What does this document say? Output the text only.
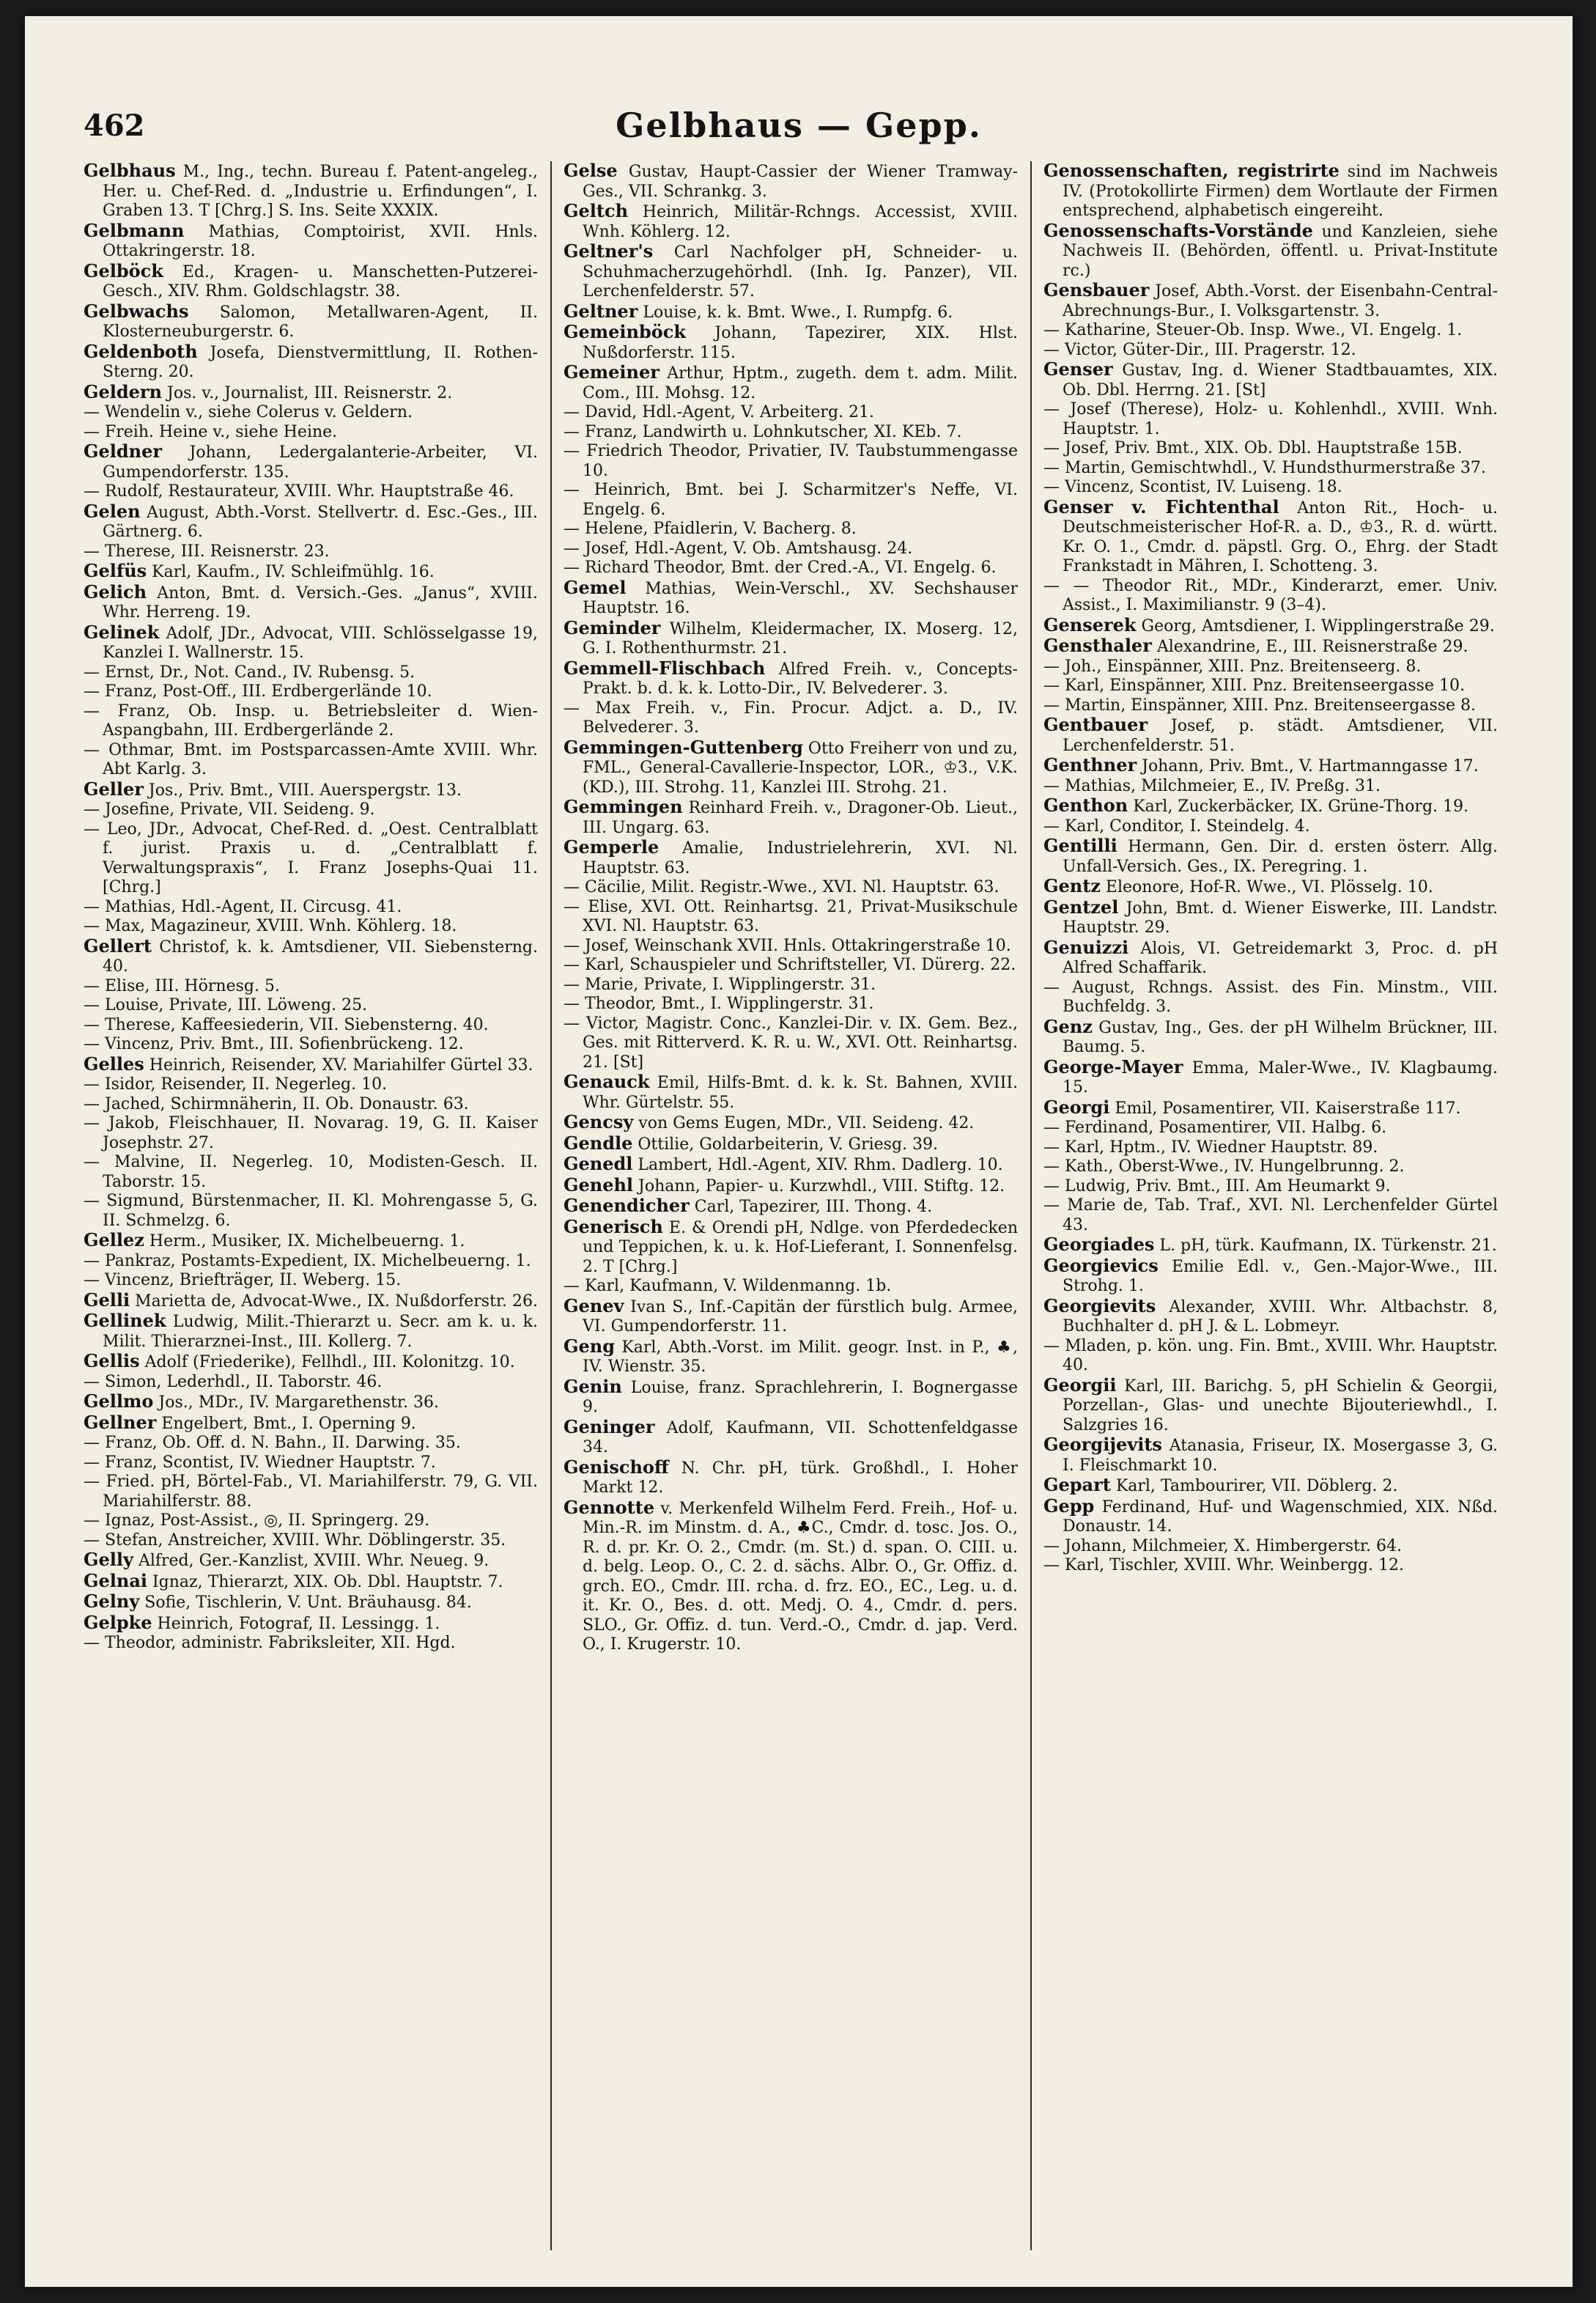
462	Gelbhaus — Gepp.

Gelbhaus M., Ing., techn. Bureau f. Patent-angeleg., Her. u. Chef-Red. d. „Industrie u. Erfindungen“, I. Graben 13. T [Chrg.] S. Ins. Seite XXXIX.

Gelbmann Mathias, Comptoirist, XVII. Hnls. Ottakringerstr. 18.

Gelböck Ed., Kragen- u. Manschetten-Putzerei-Gesch., XIV. Rhm. Goldschlagstr. 38.

Gelbwachs Salomon, Metallwaren-Agent, II. Klosterneuburgerstr. 6.

Geldenboth Josefa, Dienstvermittlung, II. Rothen-Sterng. 20.

Geldern Jos. v., Journalist, III. Reisnerstr. 2.

— Wendelin v., siehe Colerus v. Geldern.

— Freih. Heine v., siehe Heine.

Geldner Johann, Ledergalanterie-Arbeiter, VI. Gumpendorferstr. 135.

— Rudolf, Restaurateur, XVIII. Whr. Hauptstraße 46.

Gelen August, Abth.-Vorst. Stellvertr. d. Esc.-Ges., III. Gärtnerg. 6.

— Therese, III. Reisnerstr. 23.

Gelfüs Karl, Kaufm., IV. Schleifmühlg. 16.

Gelich Anton, Bmt. d. Versich.-Ges. „Janus“, XVIII. Whr. Herreng. 19.

Gelinek Adolf, JDr., Advocat, VIII. Schlösselgasse 19, Kanzlei I. Wallnerstr. 15.

— Ernst, Dr., Not. Cand., IV. Rubensg. 5.

— Franz, Post-Off., III. Erdbergerlände 10.

— Franz, Ob. Insp. u. Betriebsleiter d. Wien-Aspangbahn, III. Erdbergerlände 2.

— Othmar, Bmt. im Postsparcassen-Amte XVIII. Whr. Abt Karlg. 3.

Geller Jos., Priv. Bmt., VIII. Auerspergstr. 13.

— Josefine, Private, VII. Seideng. 9.

— Leo, JDr., Advocat, Chef-Red. d. „Oest. Centralblatt f. jurist. Praxis u. d. „Centralblatt f. Verwaltungspraxis“, I. Franz Josephs-Quai 11. [Chrg.]

— Mathias, Hdl.-Agent, II. Circusg. 41.

— Max, Magazineur, XVIII. Wnh. Köhlerg. 18.

Gellert Christof, k. k. Amtsdiener, VII. Siebensterng. 40.

— Elise, III. Hörnesg. 5.

— Louise, Private, III. Löweng. 25.

— Therese, Kaffeesiederin, VII. Siebensterng. 40.

— Vincenz, Priv. Bmt., III. Sofienbrückeng. 12.

Gelles Heinrich, Reisender, XV. Mariahilfer Gürtel 33.

— Isidor, Reisender, II. Negerleg. 10.

— Jached, Schirmnäherin, II. Ob. Donaustr. 63.

— Jakob, Fleischhauer, II. Novarag. 19, G. II. Kaiser Josephstr. 27.

— Malvine, II. Negerleg. 10, Modisten-Gesch. II. Taborstr. 15.

— Sigmund, Bürstenmacher, II. Kl. Mohrengasse 5, G. II. Schmelzg. 6.

Gellez Herm., Musiker, IX. Michelbeuerng. 1.

— Pankraz, Postamts-Expedient, IX. Michelbeuerng. 1.

— Vincenz, Briefträger, II. Weberg. 15.

Gelli Marietta de, Advocat-Wwe., IX. Nußdorferstr. 26.

Gellinek Ludwig, Milit.-Thierarzt u. Secr. am k. u. k. Milit. Thierarznei-Inst., III. Kollerg. 7.

Gellis Adolf (Friederike), Fellhdl., III. Kolonitzg. 10.

— Simon, Lederhdl., II. Taborstr. 46.

Gellmo Jos., MDr., IV. Margarethenstr. 36.

Gellner Engelbert, Bmt., I. Operning 9.

— Franz, Ob. Off. d. N. Bahn., II. Darwing. 35.

— Franz, Scontist, IV. Wiedner Hauptstr. 7.

— Fried. pH, Börtel-Fab., VI. Mariahilferstr. 79, G. VII. Mariahilferstr. 88.

— Ignaz, Post-Assist., ◎, II. Springerg. 29.

— Stefan, Anstreicher, XVIII. Whr. Döblingerstr. 35.

Gelly Alfred, Ger.-Kanzlist, XVIII. Whr. Neueg. 9.

Gelnai Ignaz, Thierarzt, XIX. Ob. Dbl. Hauptstr. 7.

Gelny Sofie, Tischlerin, V. Unt. Bräuhausg. 84.

Gelpke Heinrich, Fotograf, II. Lessingg. 1.

— Theodor, administr. Fabriksleiter, XII. Hgd.

Gelse Gustav, Haupt-Cassier der Wiener Tramway-Ges., VII. Schrankg. 3.

Geltch Heinrich, Militär-Rchngs. Accessist, XVIII. Wnh. Köhlerg. 12.

Geltner's Carl Nachfolger pH, Schneider- u. Schuhmacherzugehörhdl. (Inh. Ig. Panzer), VII. Lerchenfelderstr. 57.

Geltner Louise, k. k. Bmt. Wwe., I. Rumpfg. 6.

Gemeinböck Johann, Tapezirer, XIX. Hlst. Nußdorferstr. 115.

Gemeiner Arthur, Hptm., zugeth. dem t. adm. Milit. Com., III. Mohsg. 12.

— David, Hdl.-Agent, V. Arbeiterg. 21.

— Franz, Landwirth u. Lohnkutscher, XI. KEb. 7.

— Friedrich Theodor, Privatier, IV. Taubstummengasse 10.

— Heinrich, Bmt. bei J. Scharmitzer's Neffe, VI. Engelg. 6.

— Helene, Pfaidlerin, V. Bacherg. 8.

— Josef, Hdl.-Agent, V. Ob. Amtshausg. 24.

— Richard Theodor, Bmt. der Cred.-A., VI. Engelg. 6.

Gemel Mathias, Wein-Verschl., XV. Sechshauser Hauptstr. 16.

Geminder Wilhelm, Kleidermacher, IX. Moserg. 12, G. I. Rothenthurmstr. 21.

Gemmell-Flischbach Alfred Freih. v., Concepts-Prakt. b. d. k. k. Lotto-Dir., IV. Belvederег. 3.

— Max Freih. v., Fin. Procur. Adjct. a. D., IV. Belvederег. 3.

Gemmingen-Guttenberg Otto Freiherr von und zu, FML., General-Cavallerie-Inspector, LOR., ♔3., V.K. (KD.), III. Strohg. 11, Kanzlei III. Strohg. 21.

Gemmingen Reinhard Freih. v., Dragoner-Ob. Lieut., III. Ungarg. 63.

Gemperle Amalie, Industrielehrerin, XVI. Nl. Hauptstr. 63.

— Cäcilie, Milit. Registr.-Wwe., XVI. Nl. Hauptstr. 63.

— Elise, XVI. Ott. Reinhartsg. 21, Privat-Musikschule XVI. Nl. Hauptstr. 63.

— Josef, Weinschank XVII. Hnls. Ottakringerstraße 10.

— Karl, Schauspieler und Schriftsteller, VI. Dürerg. 22.

— Marie, Private, I. Wipplingerstr. 31.

— Theodor, Bmt., I. Wipplingerstr. 31.

— Victor, Magistr. Conc., Kanzlei-Dir. v. IX. Gem. Bez., Ges. mit Ritterverd. K. R. u. W., XVI. Ott. Reinhartsg. 21. [St]

Genauck Emil, Hilfs-Bmt. d. k. k. St. Bahnen, XVIII. Whr. Gürtelstr. 55.

Gencsy von Gems Eugen, MDr., VII. Seideng. 42.

Gendle Ottilie, Goldarbeiterin, V. Griesg. 39.

Genedl Lambert, Hdl.-Agent, XIV. Rhm. Dadlerg. 10.

Genehl Johann, Papier- u. Kurzwhdl., VIII. Stiftg. 12.

Genendicher Carl, Tapezirer, III. Thong. 4.

Generisch E. & Orendi pH, Ndlge. von Pferdedecken und Teppichen, k. u. k. Hof-Lieferant, I. Sonnenfelsg. 2. T [Chrg.]

— Karl, Kaufmann, V. Wildenmanng. 1b.

Genev Ivan S., Inf.-Capitän der fürstlich bulg. Armee, VI. Gumpendorferstr. 11.

Geng Karl, Abth.-Vorst. im Milit. geogr. Inst. in P., ♣, IV. Wienstr. 35.

Genin Louise, franz. Sprachlehrerin, I. Bognergasse 9.

Geninger Adolf, Kaufmann, VII. Schottenfeldgasse 34.

Genischoff N. Chr. pH, türk. Großhdl., I. Hoher Markt 12.

Gennotte v. Merkenfeld Wilhelm Ferd. Freih., Hof- u. Min.-R. im Minstm. d. A., ♣C., Cmdr. d. tosc. Jos. O., R. d. pr. Kr. O. 2., Cmdr. (m. St.) d. span. O. CIII. u. d. belg. Leop. O., C. 2. d. sächs. Albr. O., Gr. Offiz. d. grch. EO., Cmdr. III. rcha. d. frz. EO., EC., Leg. u. d. it. Kr. O., Bes. d. ott. Medj. O. 4., Cmdr. d. pers. SLO., Gr. Offiz. d. tun. Verd.-O., Cmdr. d. jap. Verd. O., I. Krugerstr. 10.

Genossenschaften, registrirte sind im Nachweis IV. (Protokollirte Firmen) dem Wortlaute der Firmen entsprechend, alphabetisch eingereiht.

Genossenschafts-Vorstände und Kanzleien, siehe Nachweis II. (Behörden, öffentl. u. Privat-Institute rc.)

Gensbauer Josef, Abth.-Vorst. der Eisenbahn-Central-Abrechnungs-Bur., I. Volksgartenstr. 3.

— Katharine, Steuer-Ob. Insp. Wwe., VI. Engelg. 1.

— Victor, Güter-Dir., III. Pragerstr. 12.

Genser Gustav, Ing. d. Wiener Stadtbauamtes, XIX. Ob. Dbl. Herrng. 21. [St]

— Josef (Therese), Holz- u. Kohlenhdl., XVIII. Wnh. Hauptstr. 1.

— Josef, Priv. Bmt., XIX. Ob. Dbl. Hauptstraße 15B.

— Martin, Gemischtwhdl., V. Hundsthurmerstraße 37.

— Vincenz, Scontist, IV. Luiseng. 18.

Genser v. Fichtenthal Anton Rit., Hoch- u. Deutschmeisterischer Hof-R. a. D., ♔3., R. d. württ. Kr. O. 1., Cmdr. d. päpstl. Grg. O., Ehrg. der Stadt Frankstadt in Mähren, I. Schotteng. 3.

— — Theodor Rit., MDr., Kinderarzt, emer. Univ. Assist., I. Maximilianstr. 9 (3–4).

Genserek Georg, Amtsdiener, I. Wipplingerstraße 29.

Gensthaler Alexandrine, E., III. Reisnerstraße 29.

— Joh., Einspänner, XIII. Pnz. Breitenseerg. 8.

— Karl, Einspänner, XIII. Pnz. Breitenseergasse 10.

— Martin, Einspänner, XIII. Pnz. Breitenseergasse 8.

Gentbauer Josef, p. städt. Amtsdiener, VII. Lerchenfelderstr. 51.

Genthner Johann, Priv. Bmt., V. Hartmanngasse 17.

— Mathias, Milchmeier, E., IV. Preßg. 31.

Genthon Karl, Zuckerbäcker, IX. Grüne-Thorg. 19.

— Karl, Conditor, I. Steindelg. 4.

Gentilli Hermann, Gen. Dir. d. ersten österr. Allg. Unfall-Versich. Ges., IX. Peregring. 1.

Gentz Eleonore, Hof-R. Wwe., VI. Plösselg. 10.

Gentzel John, Bmt. d. Wiener Eiswerke, III. Landstr. Hauptstr. 29.

Genuizzi Alois, VI. Getreidemarkt 3, Proc. d. pH Alfred Schaffarik.

— August, Rchngs. Assist. des Fin. Minstm., VIII. Buchfeldg. 3.

Genz Gustav, Ing., Ges. der pH Wilhelm Brückner, III. Baumg. 5.

George-Mayer Emma, Maler-Wwe., IV. Klagbaumg. 15.

Georgi Emil, Posamentirer, VII. Kaiserstraße 117.

— Ferdinand, Posamentirer, VII. Halbg. 6.

— Karl, Hptm., IV. Wiedner Hauptstr. 89.

— Kath., Oberst-Wwe., IV. Hungelbrunng. 2.

— Ludwig, Priv. Bmt., III. Am Heumarkt 9.

— Marie de, Tab. Traf., XVI. Nl. Lerchenfelder Gürtel 43.

Georgiades L. pH, türk. Kaufmann, IX. Türkenstr. 21.

Georgievics Emilie Edl. v., Gen.-Major-Wwe., III. Strohg. 1.

Georgievits Alexander, XVIII. Whr. Altbachstr. 8, Buchhalter d. pH J. & L. Lobmeyr.

— Mladen, p. kön. ung. Fin. Bmt., XVIII. Whr. Hauptstr. 40.

Georgii Karl, III. Barichg. 5, pH Schielin & Georgii, Porzellan-, Glas- und unechte Bijouteriewhdl., I. Salzgries 16.

Georgijevits Atanasia, Friseur, IX. Mosergasse 3, G. I. Fleischmarkt 10.

Gepart Karl, Tambourirer, VII. Döblerg. 2.

Gepp Ferdinand, Huf- und Wagenschmied, XIX. Nßd. Donaustr. 14.

— Johann, Milchmeier, X. Himbergerstr. 64.

— Karl, Tischler, XVIII. Whr. Weinbergg. 12.
